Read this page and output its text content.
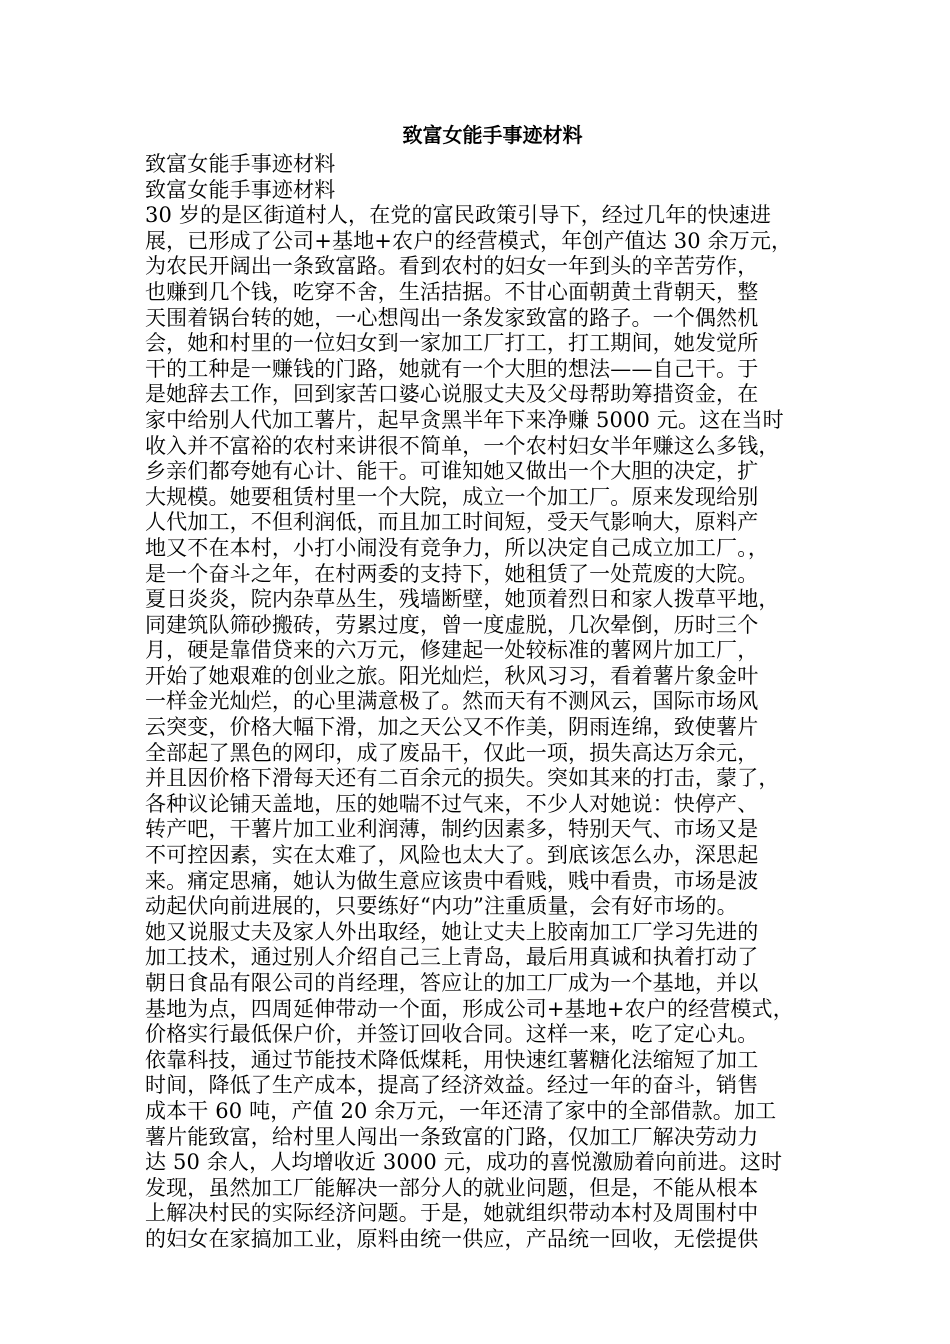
致富女能手事迹材料
致富女能手事迹材料
致富女能手事迹材料
30 岁的是区街道村人，在党的富民政策引导下，经过几年的快速进
展，已形成了公司+基地+农户的经营模式，年创产值达 30 余万元，
为农民开阔出一条致富路。看到农村的妇女一年到头的辛苦劳作，
也赚到几个钱，吃穿不舍，生活拮据。不甘心面朝黄土背朝天，整
天围着锅台转的她，一心想闯出一条发家致富的路子。一个偶然机
会，她和村里的一位妇女到一家加工厂打工，打工期间，她发觉所
干的工种是一赚钱的门路，她就有一个大胆的想法——自己干。于
是她辞去工作，回到家苦口婆心说服丈夫及父母帮助筹措资金，在
家中给别人代加工薯片，起早贪黑半年下来净赚 5000 元。这在当时
收入并不富裕的农村来讲很不简单，一个农村妇女半年赚这么多钱，
乡亲们都夸她有心计、能干。可谁知她又做出一个大胆的决定，扩
大规模。她要租赁村里一个大院，成立一个加工厂。原来发现给别
人代加工，不但利润低，而且加工时间短，受天气影响大，原料产
地又不在本村，小打小闹没有竞争力，所以决定自己成立加工厂。，
是一个奋斗之年，在村两委的支持下，她租赁了一处荒废的大院。
夏日炎炎，院内杂草丛生，残墙断壁，她顶着烈日和家人拨草平地，
同建筑队筛砂搬砖，劳累过度，曾一度虚脱，几次晕倒，历时三个
月，硬是靠借贷来的六万元，修建起一处较标准的薯网片加工厂，
开始了她艰难的创业之旅。阳光灿烂，秋风习习，看着薯片象金叶
一样金光灿烂，的心里满意极了。然而天有不测风云，国际市场风
云突变，价格大幅下滑，加之天公又不作美，阴雨连绵，致使薯片
全部起了黑色的网印，成了废品干，仅此一项，损失高达万余元，
并且因价格下滑每天还有二百余元的损失。突如其来的打击，蒙了，
各种议论铺天盖地，压的她喘不过气来，不少人对她说：快停产、
转产吧，干薯片加工业利润薄，制约因素多，特别天气、市场又是
不可控因素，实在太难了，风险也太大了。到底该怎么办，深思起
来。痛定思痛，她认为做生意应该贵中看贱，贱中看贵，市场是波
动起伏向前进展的，只要练好“内功”注重质量，会有好市场的。
她又说服丈夫及家人外出取经，她让丈夫上胶南加工厂学习先进的
加工技术，通过别人介绍自己三上青岛，最后用真诚和执着打动了
朝日食品有限公司的肖经理，答应让的加工厂成为一个基地，并以
基地为点，四周延伸带动一个面，形成公司+基地+农户的经营模式，
价格实行最低保户价，并签订回收合同。这样一来，吃了定心丸。
依靠科技，通过节能技术降低煤耗，用快速红薯糖化法缩短了加工
时间，降低了生产成本，提高了经济效益。经过一年的奋斗，销售
成本干 60 吨，产值 20 余万元，一年还清了家中的全部借款。加工
薯片能致富，给村里人闯出一条致富的门路，仅加工厂解决劳动力
达 50 余人，人均增收近 3000 元，成功的喜悦激励着向前进。这时
发现，虽然加工厂能解决一部分人的就业问题，但是，不能从根本
上解决村民的实际经济问题。于是，她就组织带动本村及周围村中
的妇女在家搞加工业，原料由统一供应，产品统一回收，无偿提供
